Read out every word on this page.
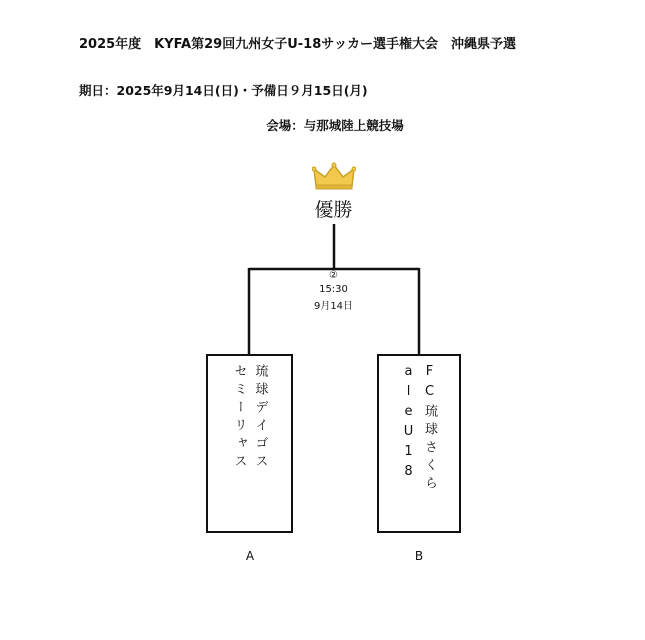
2025年度　KYFA第29回九州女子U-18サッカー選手権大会　沖縄県予選
期日：2025年9月14日(日)・予備日９月15日(月)
会場：与那城陸上競技場
優勝
②
15:30
9月14日
琉球デイゴス
セミーリャス	FC琉球さくら
aleU18
A	B
